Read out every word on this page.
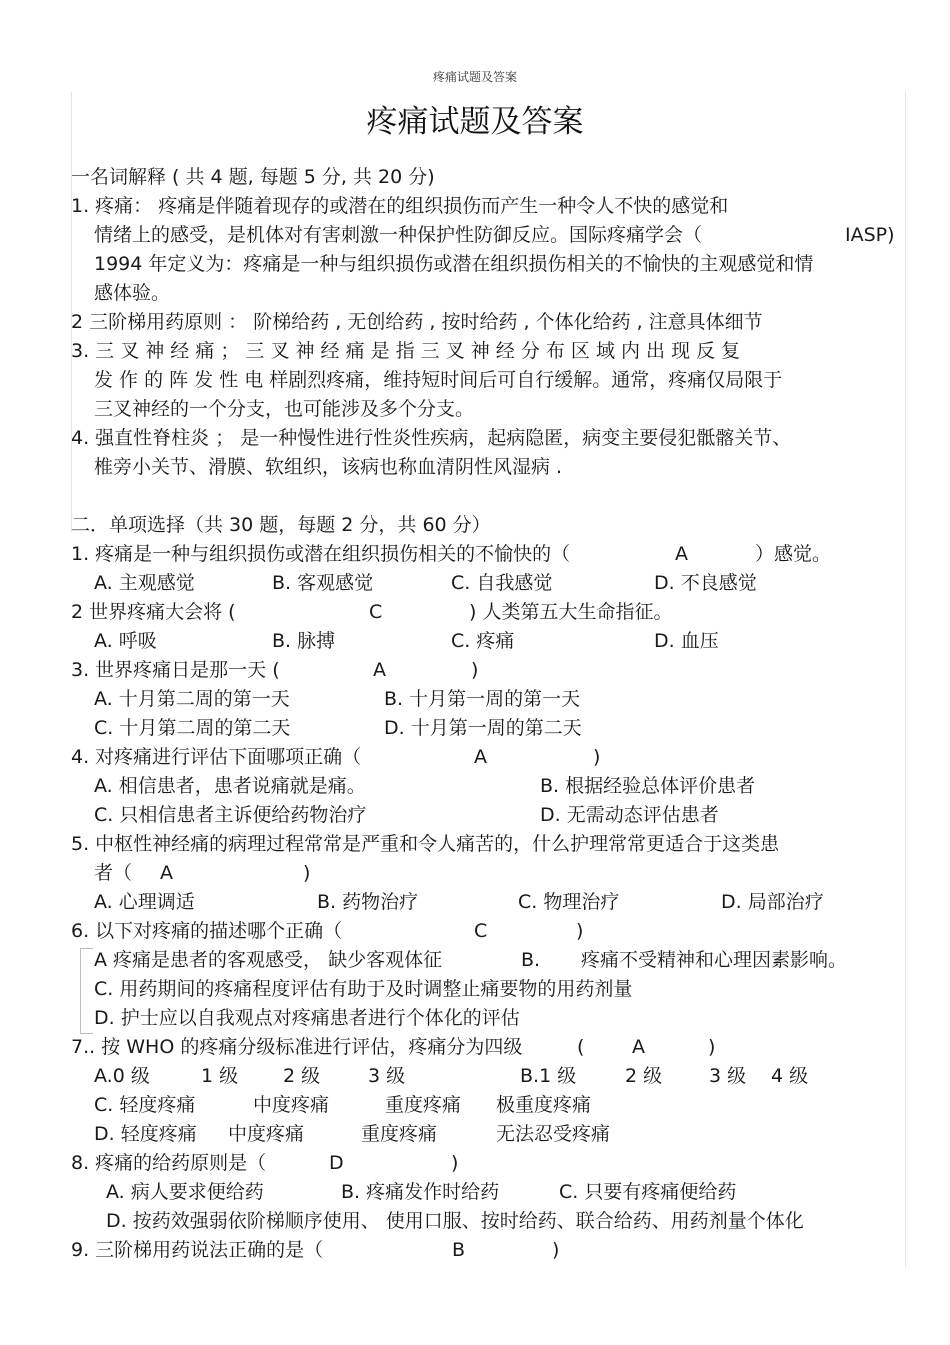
疼痛试题及答案
疼痛试题及答案
一名词解释 ( 共 4 题, 每题 5 分, 共 20 分)
1. 疼痛： 疼痛是伴随着现存的或潜在的组织损伤而产生一种令人不快的感觉和
情绪上的感受，是机体对有害刺激一种保护性防御反应。国际疼痛学会（	IASP)
1994 年定义为：疼痛是一种与组织损伤或潜在组织损伤相关的不愉快的主观感觉和情
感体验。
2 三阶梯用药原则 ： 阶梯给药 , 无创给药 , 按时给药 , 个体化给药 , 注意具体细节
3. 三 叉 神 经 痛 ； 三 叉 神 经 痛 是 指 三 叉 神 经 分 布 区 域 内 出 现 反 复
发 作 的 阵 发 性 电 样剧烈疼痛，维持短时间后可自行缓解。通常，疼痛仅局限于
三叉神经的一个分支，也可能涉及多个分支。
4. 强直性脊柱炎 ； 是一种慢性进行性炎性疾病，起病隐匿，病变主要侵犯骶髂关节、
椎旁小关节、滑膜、软组织，该病也称血清阴性风湿病 .
二．单项选择（共 30 题，每题 2 分，共 60 分）
1. 疼痛是一种与组织损伤或潜在组织损伤相关的不愉快的（	A	）感觉。
A. 主观感觉	B. 客观感觉	C. 自我感觉	D. 不良感觉
2 世界疼痛大会将 (	C	) 人类第五大生命指征。
A. 呼吸	B. 脉搏	C. 疼痛	D. 血压
3. 世界疼痛日是那一天 (	A	)
A. 十月第二周的第一天	B. 十月第一周的第一天
C. 十月第二周的第二天	D. 十月第一周的第二天
4. 对疼痛进行评估下面哪项正确（	A	)
A. 相信患者，患者说痛就是痛。	B. 根据经验总体评价患者
C. 只相信患者主诉便给药物治疗	D. 无需动态评估患者
5. 中枢性神经痛的病理过程常常是严重和令人痛苦的，什么护理常常更适合于这类患
者（ A	)
A. 心理调适	B. 药物治疗	C. 物理治疗	D. 局部治疗
6. 以下对疼痛的描述哪个正确（	C	)
A 疼痛是患者的客观感受， 缺少客观体征	B. 疼痛不受精神和心理因素影响。
C. 用药期间的疼痛程度评估有助于及时调整止痛要物的用药剂量
D. 护士应以自我观点对疼痛患者进行个体化的评估
7.. 按 WHO 的疼痛分级标准进行评估，疼痛分为四级	(	A	)
A.0 级	1 级 2 级	3 级	B.1 级	2 级 3 级 4 级
C. 轻度疼痛	中度疼痛	重度疼痛 极重度疼痛
D. 轻度疼痛 中度疼痛	重度疼痛	无法忍受疼痛
8. 疼痛的给药原则是（	D	)
A. 病人要求便给药	B. 疼痛发作时给药	C. 只要有疼痛便给药
D. 按药效强弱依阶梯顺序使用、 使用口服、按时给药、联合给药、用药剂量个体化
9. 三阶梯用药说法正确的是（	B	)
